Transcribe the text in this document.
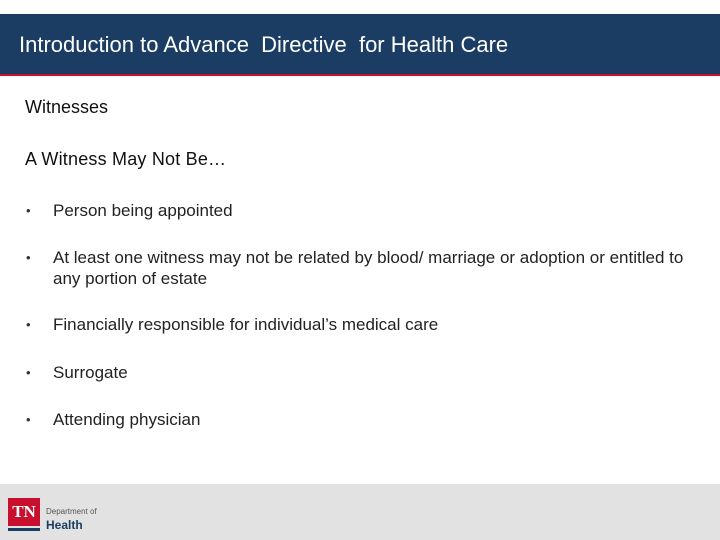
Introduction to Advance  Directive  for Health Care
Witnesses
A Witness May Not Be…
• Person being appointed
• At least one witness may not be related by blood/ marriage or adoption or entitled to any portion of estate
• Financially responsible for individual’s medical care
• Surrogate
• Attending physician
TN	Department of
Health
